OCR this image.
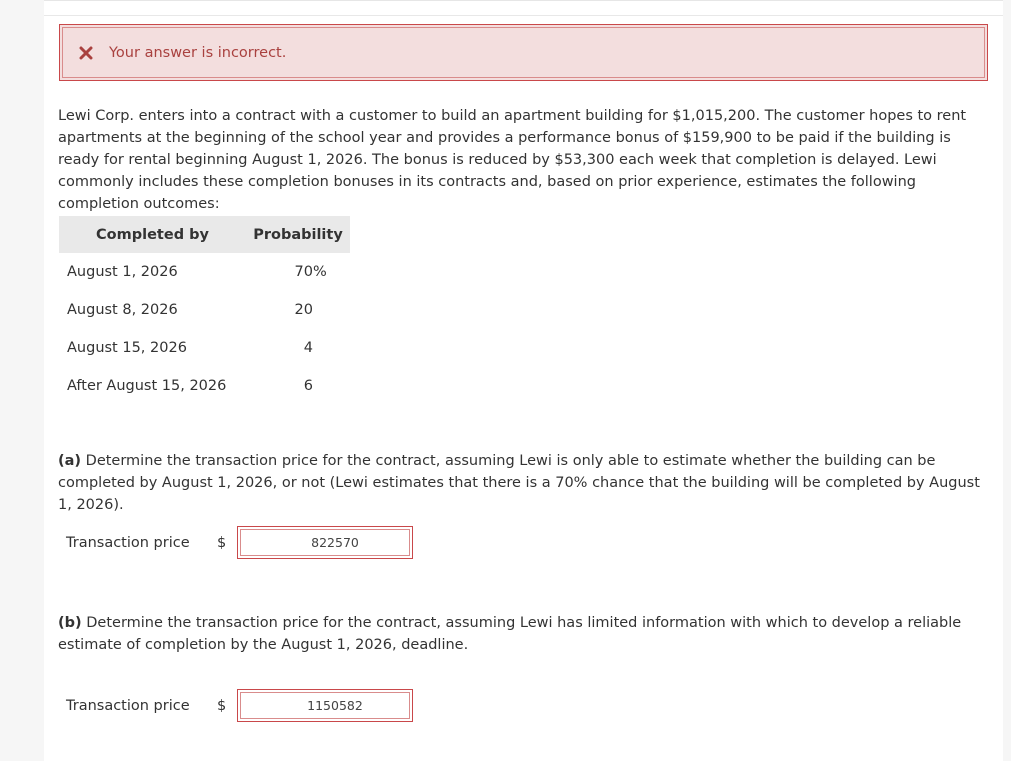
Your answer is incorrect.
Lewi Corp. enters into a contract with a customer to build an apartment building for $1,015,200. The customer hopes to rent apartments at the beginning of the school year and provides a performance bonus of $159,900 to be paid if the building is ready for rental beginning August 1, 2026. The bonus is reduced by $53,300 each week that completion is delayed. Lewi commonly includes these completion bonuses in its contracts and, based on prior experience, estimates the following completion outcomes:
Completed by	Probability
August 1, 2026	70 %

August 8, 2026	20
August 15, 2026	4
After August 15, 2026	6
(a) Determine the transaction price for the contract, assuming Lewi is only able to estimate whether the building can be completed by August 1, 2026, or not (Lewi estimates that there is a 70% chance that the building will be completed by August 1, 2026).
Transaction price	$
822570
(b) Determine the transaction price for the contract, assuming Lewi has limited information with which to develop a reliable estimate of completion by the August 1, 2026, deadline.
Transaction price	$
1150582
